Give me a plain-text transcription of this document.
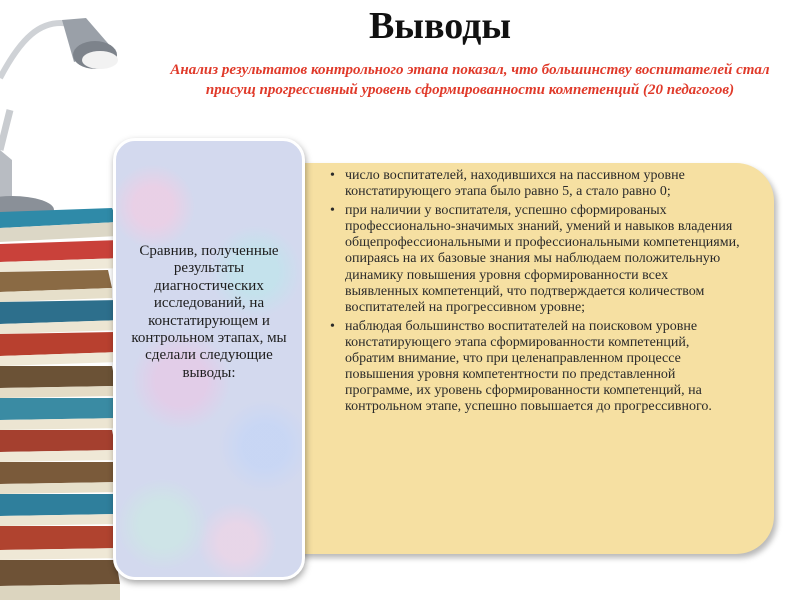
Выводы

Анализ результатов контрольного этапа показал, что большинству воспитателей стал присущ прогрессивный уровень сформированности компетенций (20 педагогов)

• число воспитателей, находившихся на пассивном уровне констатирующего этапа было равно 5, а стало равно 0;
• при наличии у воспитателя, успешно сформированых профессионально-значимых знаний, умений и навыков владения общепрофессиональными и профессиональными компетенциями, опираясь на их базовые знания мы наблюдаем положительную динамику повышения уровня сформированности всех выявленных компетенций, что подтверждается количеством воспитателей на прогрессивном уровне;
• наблюдая большинство воспитателей на поисковом уровне констатирующего этапа сформированности компетенций, обратим внимание, что при целенаправленном процессе повышения уровня компетентности по представленной программе, их уровень сформированности компетенций, на контрольном этапе, успешно повышается до прогрессивного.
Сравнив, полученные результаты диагностических исследований, на констатирующем и контрольном этапах, мы сделали следующие выводы:
